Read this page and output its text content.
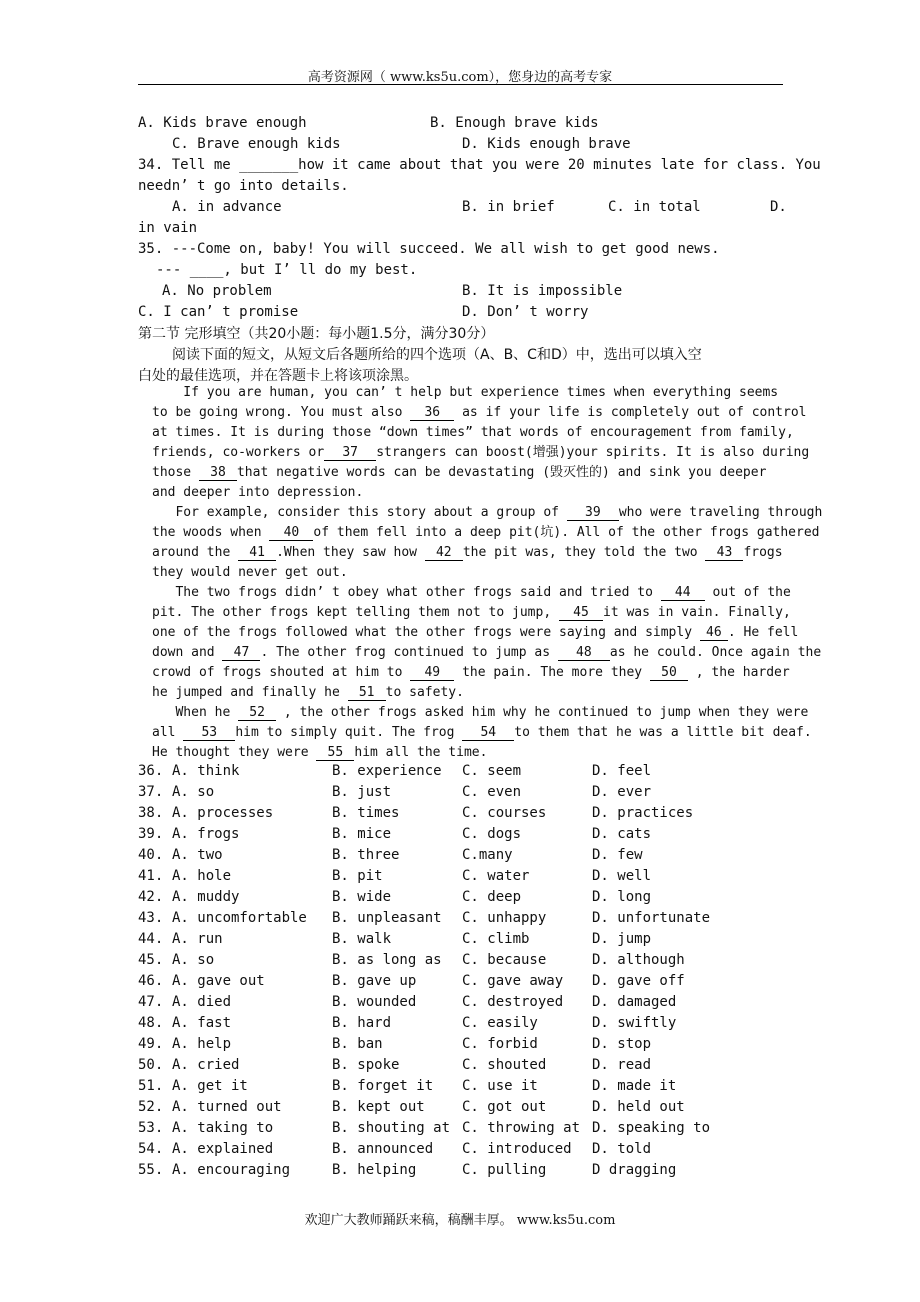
高考资源网（ www.ks5u.com），您身边的高考专家
A. Kids brave enough	B. Enough brave kids
C. Brave enough kids	D. Kids enough brave
34. Tell me _______how it came about that you were 20 minutes late for class. You
needn’ t go into details.
A. in advance	B. in brief	C. in total	D.
in vain
35. ---Come on, baby! You will succeed. We all wish to get good news.
--- ____, but I’ ll do my best.
A. No problem	B. It is impossible
C. I can’ t promise	D. Don’ t worry
第二节 完形填空（共20小题：每小题1.5分，满分30分）
阅读下面的短文，从短文后各题所给的四个选项（A、B、C和D）中，选出可以填入空
白处的最佳选项，并在答题卡上将该项涂黑。
If you are human, you can’ t help but experience times when everything seems
to be going wrong. You must also 36 as if your life is completely out of control
at times. It is during those “down times” that words of encouragement from family,
friends, co-workers or 37 strangers can boost(增强)your spirits. It is also during
those 38 that negative words can be devastating (毁灭性的) and sink you deeper
and deeper into depression.
For example, consider this story about a group of 39 who were traveling through
the woods when 40 of them fell into a deep pit(坑). All of the other frogs gathered
around the 41 .When they saw how 42 the pit was, they told the two 43 frogs
they would never get out.
The two frogs didn’ t obey what other frogs said and tried to 44 out of the
pit. The other frogs kept telling them not to jump, 45 it was in vain. Finally,
one of the frogs followed what the other frogs were saying and simply 46 . He fell
down and 47 . The other frog continued to jump as 48 as he could. Once again the
crowd of frogs shouted at him to 49 the pain. The more they 50 , the harder
he jumped and finally he 51 to safety.
When he 52 , the other frogs asked him why he continued to jump when they were
all 53 him to simply quit. The frog 54 to them that he was a little bit deaf.
He thought they were 55 him all the time.
36. A. think	B. experience C. seem	D. feel
37. A. so	B. just	C. even	D. ever
38. A. processes	B. times	C. courses	D. practices
39. A. frogs	B. mice	C. dogs	D. cats
40. A. two	B. three	C.many	D. few
41. A. hole	B. pit	C. water	D. well
42. A. muddy	B. wide	C. deep	D. long
43. A. uncomfortable B. unpleasant C. unhappy	D. unfortunate
44. A. run	B. walk	C. climb	D. jump
45. A. so	B. as long as C. because	D. although
46. A. gave out	B. gave up	C. gave away D. gave off
47. A. died	B. wounded	C. destroyed D. damaged
48. A. fast	B. hard	C. easily	D. swiftly
49. A. help	B. ban	C. forbid	D. stop
50. A. cried	B. spoke	C. shouted	D. read
51. A. get it	B. forget it C. use it	D. made it
52. A. turned out	B. kept out	C. got out	D. held out
53. A. taking to	B. shouting at C. throwing at D. speaking to
54. A. explained	B. announced C. introduced D. told
55. A. encouraging	B. helping	C. pulling	D dragging
欢迎广大教师踊跃来稿，稿酬丰厚。 www.ks5u.com
